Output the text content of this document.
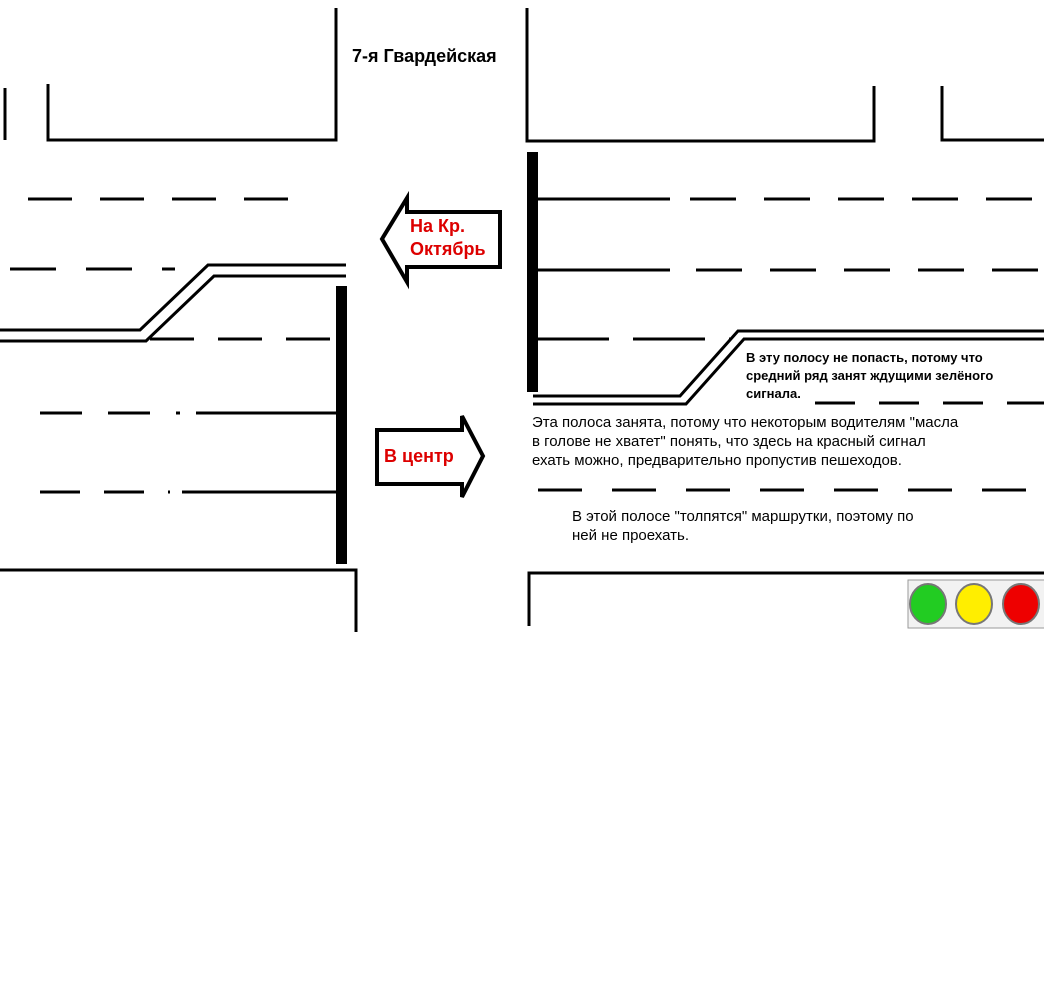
7-я Гвардейская
На Кр.
Октябрь
В центр
В эту полосу не попасть, потому что
средний ряд занят ждущими зелёного
сигнала.
Эта полоса занята, потому что некоторым водителям "масла
в голове не хватет" понять, что здесь на красный сигнал
ехать можно, предварительно пропустив пешеходов.
В этой полосе "толпятся" маршрутки, поэтому по
ней не проехать.
